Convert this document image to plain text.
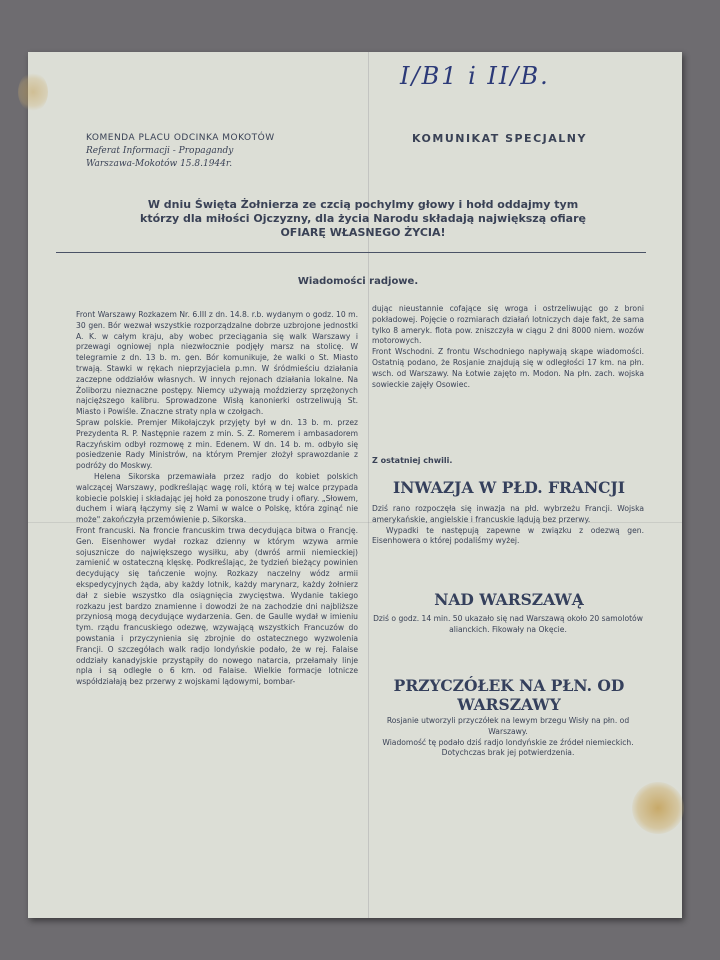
I/B1 i II/B.
KOMENDA PLACU ODCINKA MOKOTÓW
Referat Informacji - Propagandy
Warszawa-Mokotów 15.8.1944r.
KOMUNIKAT SPECJALNY
W dniu Święta Żołnierza ze czcią pochylmy głowy i hołd oddajmy tym
którzy dla miłości Ojczyzny, dla życia Narodu składają największą ofiarę
OFIARĘ WŁASNEGO ŻYCIA!
Wiadomości radjowe.

Front Warszawy Rozkazem Nr. 6.III z dn. 14.8. r.b. wydanym o godz. 10 m. 30 gen. Bór wezwał wszystkie rozporządzalne dobrze uzbrojone jednostki A. K. w całym kraju, aby wobec przeciągania się walk Warszawy i przewagi ogniowej npla niezwłocznie podjęły marsz na stolicę. W telegramie z dn. 13 b. m. gen. Bór komunikuje, że walki o St. Miasto trwają. Stawki w rękach nieprzyjaciela p.mn. W śródmieściu działania zaczepne oddziałów własnych. W innych rejonach działania lokalne. Na Żoliborzu nieznaczne postępy. Niemcy używają moździerzy sprzężonych najcięższego kalibru. Sprowadzone Wisłą kanonierki ostrzeliwują St. Miasto i Powiśle. Znaczne straty npla w czołgach.

Spraw polskie. Premjer Mikołajczyk przyjęty był w dn. 13 b. m. przez Prezydenta R. P. Następnie razem z min. S. Z. Romerem i ambasadorem Raczyńskim odbył rozmowę z min. Edenem. W dn. 14 b. m. odbyło się posiedzenie Rady Ministrów, na którym Premjer złożył sprawozdanie z podróży do Moskwy.

Helena Sikorska przemawiała przez radjo do kobiet polskich walczącej Warszawy, podkreślając wagę roli, którą w tej walce przypada kobiecie polskiej i składając jej hołd za ponoszone trudy i ofiary. „Słowem, duchem i wiarą łączymy się z Wami w walce o Polskę, która zginąć nie może" zakończyła przemówienie p. Sikorska.

Front francuski. Na froncie francuskim trwa decydująca bitwa o Francję. Gen. Eisenhower wydał rozkaz dzienny w którym wzywa armie sojusznicze do największego wysiłku, aby (dwróś armii niemieckiej) zamienić w ostateczną klęskę. Podkreślając, że tydzień bieżący powinien decydujący się tańczenie wojny. Rozkazy naczelny wódz armii ekspedycyjnych żąda, aby każdy lotnik, każdy marynarz, każdy żołnierz dał z siebie wszystko dla osiągnięcia zwycięstwa. Wydanie takiego rozkazu jest bardzo znamienne i dowodzi że na zachodzie dni najbliższe przyniosą mogą decydujące wydarzenia. Gen. de Gaulle wydał w imieniu tym. rządu francuskiego odezwę, wzywającą wszystkich Francuzów do powstania i przyczynienia się zbrojnie do ostatecznego wyzwolenia Francji. O szczegółach walk radjo londyńskie podało, że w rej. Falaise oddziały kanadyjskie przystąpiły do nowego natarcia, przełamały linje npla i są odległe o 6 km. od Falaise. Wielkie formacje lotnicze współdziałają bez przerwy z wojskami lądowymi, bombar-

dując nieustannie cofające się wroga i ostrzeliwując go z broni pokładowej. Pojęcie o rozmiarach działań lotniczych daje fakt, że sama tylko 8 ameryk. flota pow. zniszczyła w ciągu 2 dni 8000 niem. wozów motorowych.

Front Wschodni. Z frontu Wschodniego napływają skąpe wiadomości. Ostatnią podano, że Rosjanie znajdują się w odległości 17 km. na płn. wsch. od Warszawy. Na Łotwie zajęto m. Modon. Na płn. zach. wojska sowieckie zajęły Osowiec.

Z ostatniej chwili.
INWAZJA W PŁD. FRANCJI

Dziś rano rozpoczęła się inwazja na płd. wybrzeżu Francji. Wojska amerykańskie, angielskie i francuskie lądują bez przerwy.

Wypadki te następują zapewne w związku z odezwą gen. Eisenhowera o której podaliśmy wyżej.

NAD WARSZAWĄ
Dziś o godz. 14 min. 50 ukazało się nad Warszawą około 20 samolotów alianckich. Fikowały na Okęcie.
PRZYCZÓŁEK NA PŁN. OD WARSZAWY

Rosjanie utworzyli przyczółek na lewym brzegu Wisły na płn. od Warszawy.

Wiadomość tę podało dziś radjo londyńskie ze źródeł niemieckich. Dotychczas brak jej potwierdzenia.
